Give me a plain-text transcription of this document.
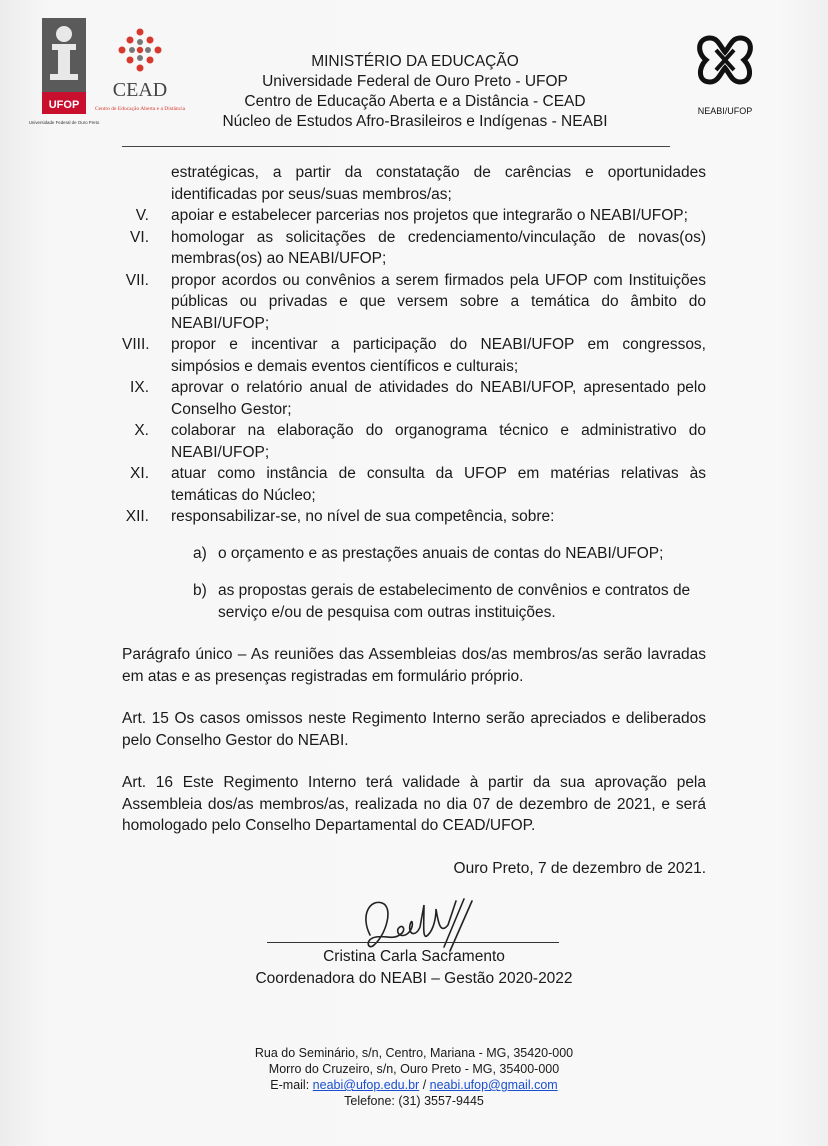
UFOP
Universidade Federal de Ouro Preto
CEAD
Centro de Educação Aberta e a Distância
MINISTÉRIO DA EDUCAÇÃO
Universidade Federal de Ouro Preto - UFOP
Centro de Educação Aberta e a Distância - CEAD
Núcleo de Estudos Afro-Brasileiros e Indígenas - NEABI
NEABI/UFOP

estratégicas, a partir da constatação de carências e oportunidades identificadas por seus/suas membros/as;

V. apoiar e estabelecer parcerias nos projetos que integrarão o NEABI/UFOP;

VI. homologar as solicitações de credenciamento/vinculação de novas(os) membras(os) ao NEABI/UFOP;

VII. propor acordos ou convênios a serem firmados pela UFOP com Instituições públicas ou privadas e que versem sobre a temática do âmbito do NEABI/UFOP;

VIII. propor e incentivar a participação do NEABI/UFOP em congressos, simpósios e demais eventos científicos e culturais;

IX. aprovar o relatório anual de atividades do NEABI/UFOP, apresentado pelo Conselho Gestor;

X. colaborar na elaboração do organograma técnico e administrativo do NEABI/UFOP;

XI. atuar como instância de consulta da UFOP em matérias relativas às temáticas do Núcleo;

XII. responsabilizar-se, no nível de sua competência, sobre:

a) o orçamento e as prestações anuais de contas do NEABI/UFOP;

b) as propostas gerais de estabelecimento de convênios e contratos de serviço e/ou de pesquisa com outras instituições.

Parágrafo único – As reuniões das Assembleias dos/as membros/as serão lavradas em atas e as presenças registradas em formulário próprio.

Art. 15 Os casos omissos neste Regimento Interno serão apreciados e deliberados pelo Conselho Gestor do NEABI.

Art. 16 Este Regimento Interno terá validade à partir da sua aprovação pela Assembleia dos/as membros/as, realizada no dia 07 de dezembro de 2021, e será homologado pelo Conselho Departamental do CEAD/UFOP.

Ouro Preto, 7 de dezembro de 2021.

Cristina Carla Sacramento
Coordenadora do NEABI – Gestão 2020-2022
Rua do Seminário, s/n, Centro, Mariana - MG, 35420-000
Morro do Cruzeiro, s/n, Ouro Preto - MG, 35400-000
E-mail: neabi@ufop.edu.br / neabi.ufop@gmail.com
Telefone: (31) 3557-9445
